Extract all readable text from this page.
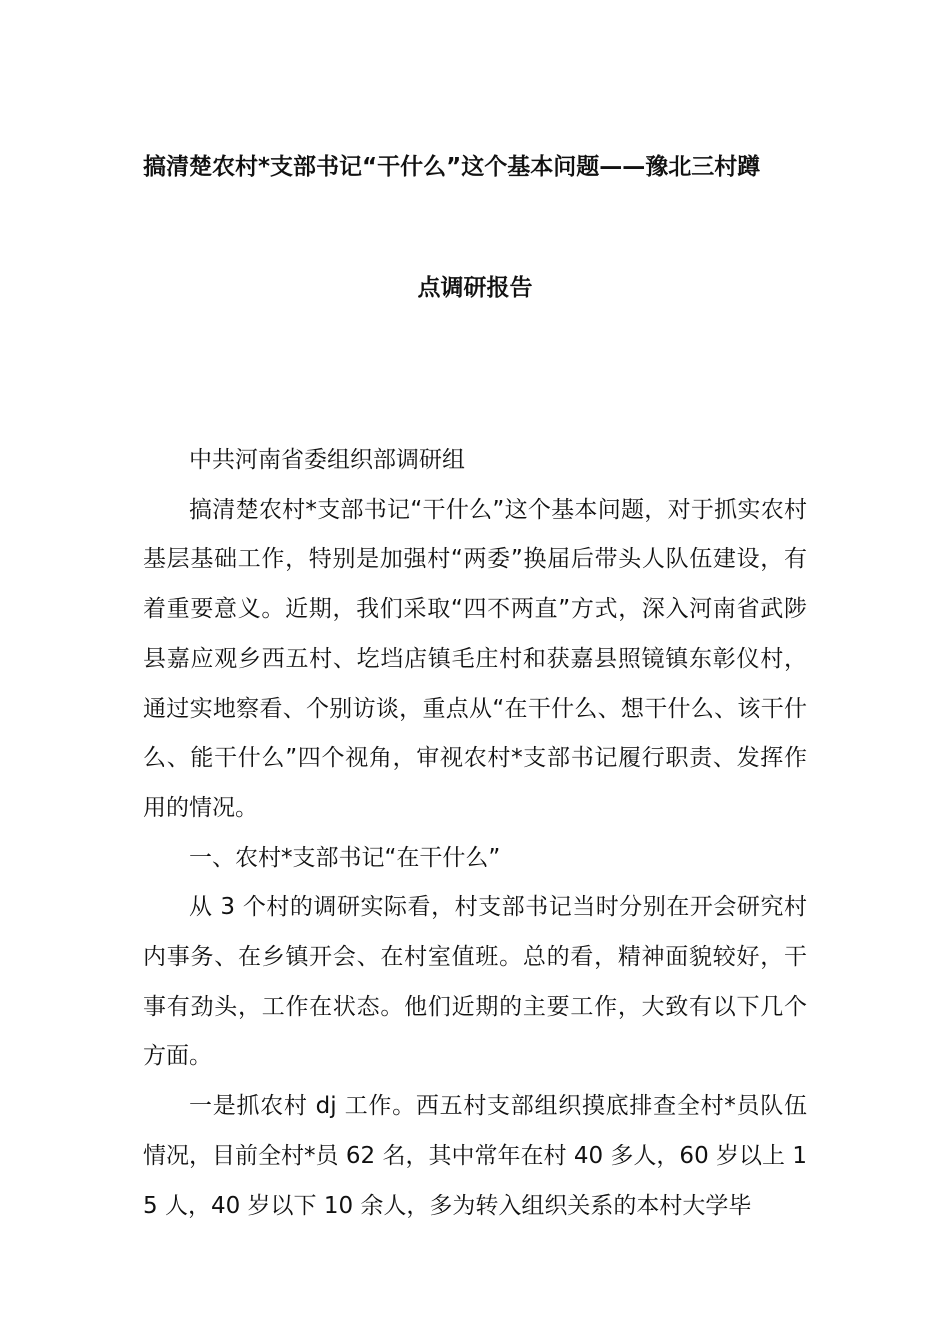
搞清楚农村*支部书记“干什么”这个基本问题——豫北三村蹲
点调研报告

中共河南省委组织部调研组

搞清楚农村*支部书记“干什么”这个基本问题，对于抓实农村基层基础工作，特别是加强村“两委”换届后带头人队伍建设，有着重要意义。近期，我们采取“四不两直”方式，深入河南省武陟县嘉应观乡西五村、圪垱店镇毛庄村和获嘉县照镜镇东彰仪村，通过实地察看、个别访谈，重点从“在干什么、想干什么、该干什么、能干什么”四个视角，审视农村*支部书记履行职责、发挥作用的情况。

一、农村*支部书记“在干什么”

从 3 个村的调研实际看，村支部书记当时分别在开会研究村内事务、在乡镇开会、在村室值班。总的看，精神面貌较好，干事有劲头，工作在状态。他们近期的主要工作，大致有以下几个方面。

一是抓农村 dj 工作。西五村支部组织摸底排查全村*员队伍情况，目前全村*员 62 名，其中常年在村 40 多人，60 岁以上 15 人，40 岁以下 10 余人，多为转入组织关系的本村大学毕
